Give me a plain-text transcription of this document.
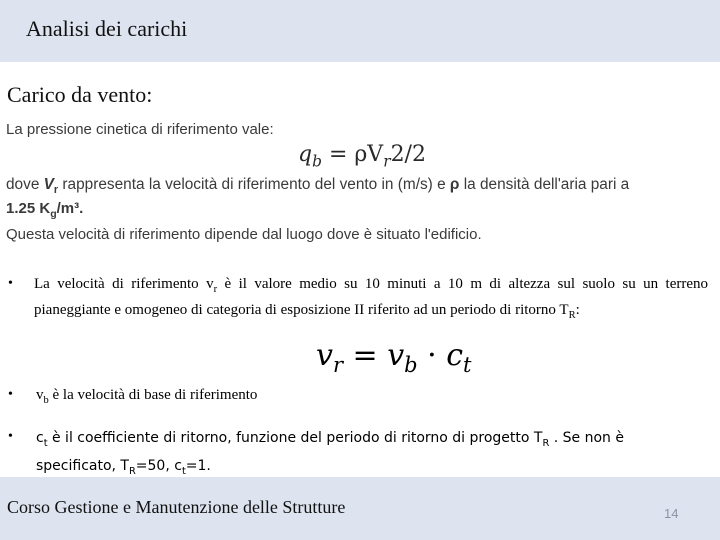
Analisi dei carichi
Carico da vento:
La pressione cinetica di riferimento vale:
$q_b = \rho V_r2/2$
dove $V_r$ rappresenta la velocità di riferimento del vento in (m/s) e ρ la densità dell'aria pari a
1.25 $K_g/m^3$.
Questa velocità di riferimento dipende dal luogo dove è situato l'edificio.
• La velocità di riferimento $v_r$ è il valore medio su 10 minuti a 10 m di altezza sul suolo su un terreno pianeggiante e omogeneo di categoria di esposizione II riferito ad un periodo di ritorno $T_R$:
$v_r = v_b \cdot c_t$
• $v_b$ è la velocità di base di riferimento
• $c_t$ è il coefficiente di ritorno, funzione del periodo di ritorno di progetto $T_R$ . Se non è specificato, $T_R=50$, $c_t=1$.
Corso Gestione e Manutenzione delle Strutture	14
